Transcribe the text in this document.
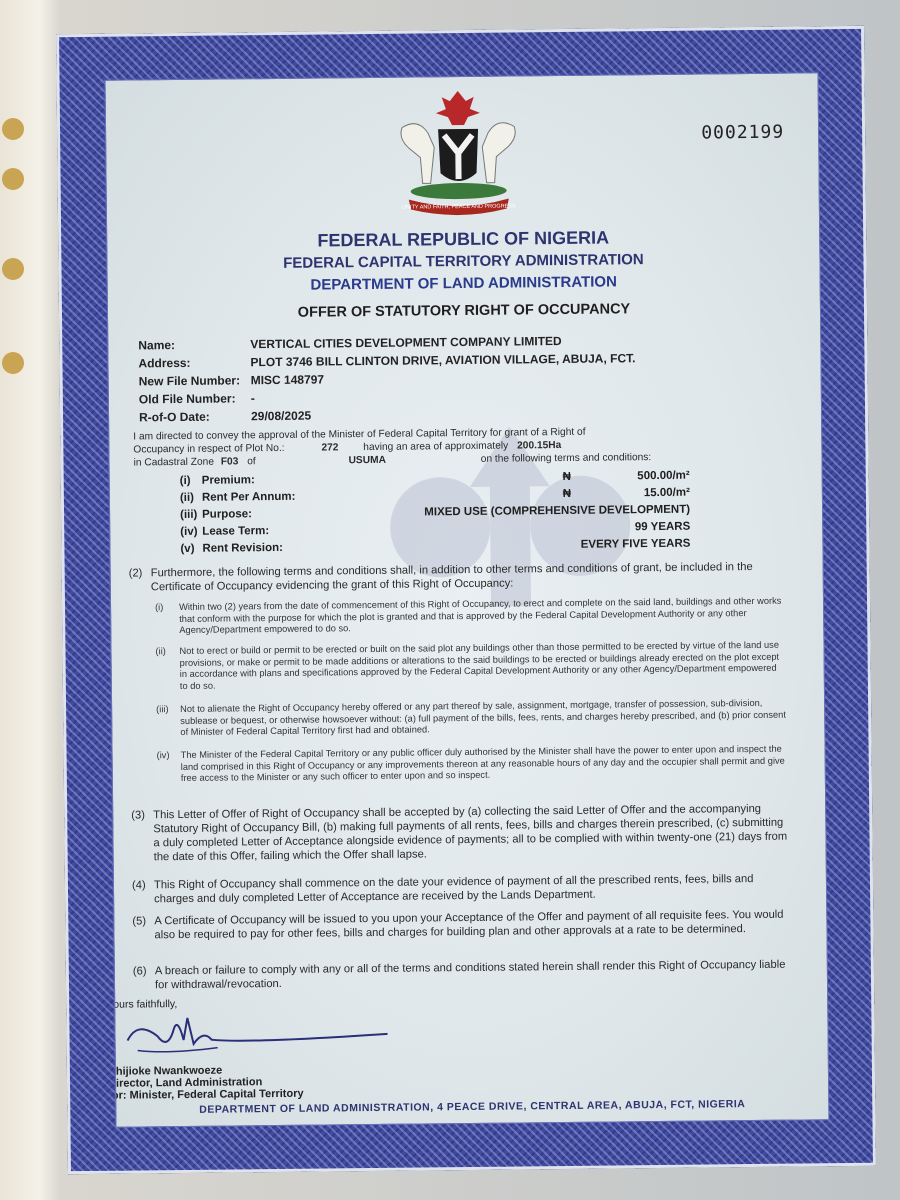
0002199
UNITY AND FAITH, PEACE AND PROGRESS
FEDERAL REPUBLIC OF NIGERIA
FEDERAL CAPITAL TERRITORY ADMINISTRATION
DEPARTMENT OF LAND ADMINISTRATION
OFFER OF STATUTORY RIGHT OF OCCUPANCY
Name:	VERTICAL CITIES DEVELOPMENT COMPANY LIMITED
Address:	PLOT 3746 BILL CLINTON DRIVE, AVIATION VILLAGE, ABUJA, FCT.
New File Number: MISC 148797
Old File Number:	-
R-of-O Date:	29/08/2025
I am directed to convey the approval of the Minister of Federal Capital Territory for grant of a Right of
Occupancy in respect of Plot No.:	272 having an area of approximately 200.15Ha
in Cadastral Zone F03 of	USUMA	on the following terms and conditions:
(i) Premium:	₦	500.00/m²
(ii) Rent Per Annum:	₦	15.00/m²
(iii) Purpose:	MIXED USE (COMPREHENSIVE DEVELOPMENT)
(iv) Lease Term:	99 YEARS
(v) Rent Revision:	EVERY FIVE YEARS
(2) Furthermore, the following terms and conditions shall, in addition to other terms and conditions of grant, be included in the Certificate of Occupancy evidencing the grant of this Right of Occupancy:
(i)	Within two (2) years from the date of commencement of this Right of Occupancy, to erect and complete on the said land, buildings and other works that conform with the purpose for which the plot is granted and that is approved by the Federal Capital Development Authority or any other Agency/Department empowered to do so.
(ii)	Not to erect or build or permit to be erected or built on the said plot any buildings other than those permitted to be erected by virtue of the land use provisions, or make or permit to be made additions or alterations to the said buildings to be erected or buildings already erected on the plot except in accordance with plans and specifications approved by the Federal Capital Development Authority or any other Agency/Department empowered to do so.
(iii)	Not to alienate the Right of Occupancy hereby offered or any part thereof by sale, assignment, mortgage, transfer of possession, sub-division, sublease or bequest, or otherwise howsoever without: (a) full payment of the bills, fees, rents, and charges hereby prescribed, and (b) prior consent of Minister of Federal Capital Territory first had and obtained.
(iv)	The Minister of the Federal Capital Territory or any public officer duly authorised by the Minister shall have the power to enter upon and inspect the land comprised in this Right of Occupancy or any improvements thereon at any reasonable hours of any day and the occupier shall permit and give free access to the Minister or any such officer to enter upon and so inspect.
(3) This Letter of Offer of Right of Occupancy shall be accepted by (a) collecting the said Letter of Offer and the accompanying Statutory Right of Occupancy Bill, (b) making full payments of all rents, fees, bills and charges therein prescribed, (c) submitting a duly completed Letter of Acceptance alongside evidence of payments; all to be complied with within twenty-one (21) days from the date of this Offer, failing which the Offer shall lapse.
(4) This Right of Occupancy shall commence on the date your evidence of payment of all the prescribed rents, fees, bills and charges and duly completed Letter of Acceptance are received by the Lands Department.
(5) A Certificate of Occupancy will be issued to you upon your Acceptance of the Offer and payment of all requisite fees. You would also be required to pay for other fees, bills and charges for building plan and other approvals at a rate to be determined.
(6) A breach or failure to comply with any or all of the terms and conditions stated herein shall render this Right of Occupancy liable for withdrawal/revocation.
Yours faithfully,
Chijioke Nwankwoeze
Director, Land Administration
for: Minister, Federal Capital Territory
DEPARTMENT OF LAND ADMINISTRATION, 4 PEACE DRIVE, CENTRAL AREA, ABUJA, FCT, NIGERIA
